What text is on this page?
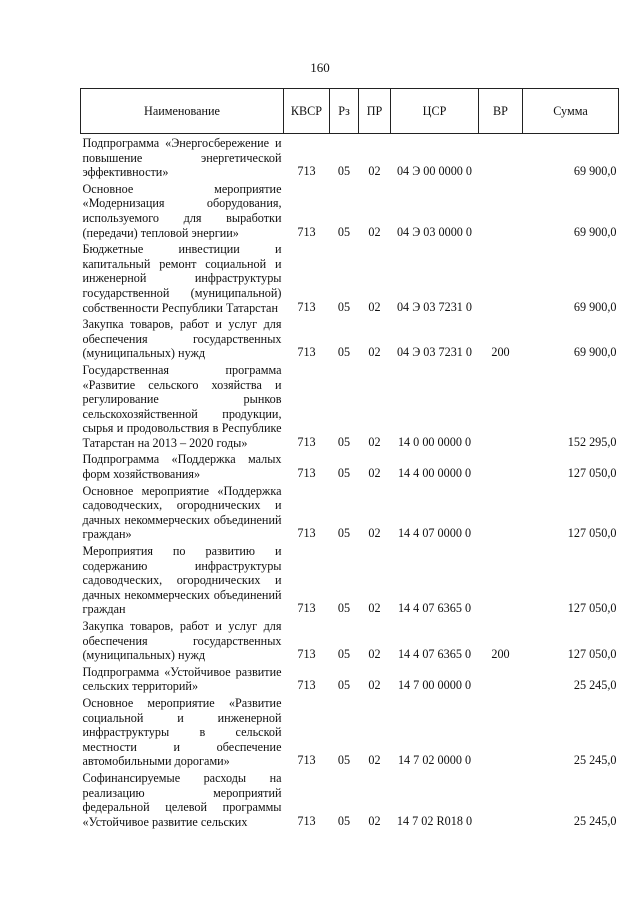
160
Наименование	КВСР	Рз	ПР	ЦСР	ВР	Сумма
Подпрограмма «Энергосбережение и повышение энергетической эффективности»	713	05	02	04 Э 00 0000 0		69 900,0
Основное мероприятие «Модернизация оборудования, используемого для выработки (передачи) тепловой энергии»	713	05	02	04 Э 03 0000 0		69 900,0
Бюджетные инвестиции и капитальный ремонт социальной и инженерной инфраструктуры государственной (муниципальной) собственности Республики Татарстан	713	05	02	04 Э 03 7231 0		69 900,0
Закупка товаров, работ и услуг для обеспечения государственных (муниципальных) нужд	713	05	02	04 Э 03 7231 0	200	69 900,0
Государственная программа «Развитие сельского хозяйства и регулирование рынков сельскохозяйственной продукции, сырья и продовольствия в Республике Татарстан на 2013 – 2020 годы»	713	05	02	14 0 00 0000 0		152 295,0
Подпрограмма «Поддержка малых форм хозяйствования»	713	05	02	14 4 00 0000 0		127 050,0
Основное мероприятие «Поддержка садоводческих, огороднических и дачных некоммерческих объединений граждан»	713	05	02	14 4 07 0000 0		127 050,0
Мероприятия по развитию и содержанию инфраструктуры садоводческих, огороднических и дачных некоммерческих объединений граждан	713	05	02	14 4 07 6365 0		127 050,0
Закупка товаров, работ и услуг для обеспечения государственных (муниципальных) нужд	713	05	02	14 4 07 6365 0	200	127 050,0
Подпрограмма «Устойчивое развитие сельских территорий»	713	05	02	14 7 00 0000 0		25 245,0
Основное мероприятие «Развитие социальной и инженерной инфраструктуры в сельской местности и обеспечение автомобильными дорогами»	713	05	02	14 7 02 0000 0		25 245,0
Софинансируемые расходы на реализацию мероприятий федеральной целевой программы «Устойчивое развитие сельских	713	05	02	14 7 02 R018 0		25 245,0
